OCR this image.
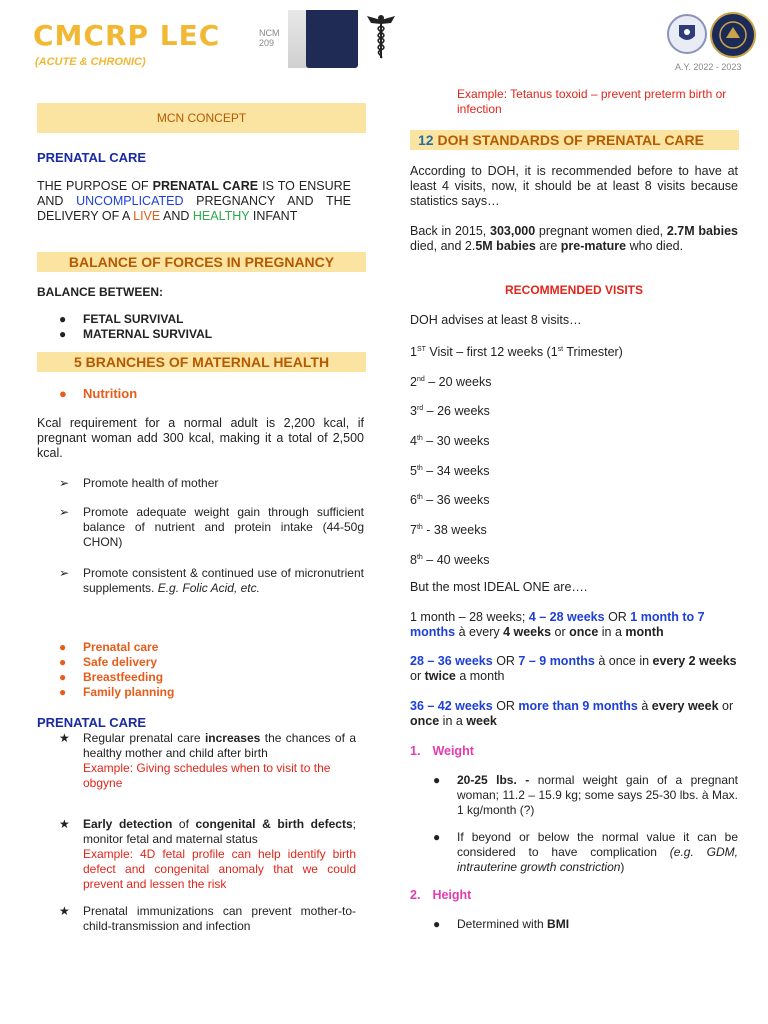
CMCRP LEC
(ACUTE & CHRONIC)
NCM 209
A.Y. 2022 - 2023
MCN CONCEPT
PRENATAL CARE
THE PURPOSE OF PRENATAL CARE IS TO ENSURE AND UNCOMPLICATED PREGNANCY AND THE DELIVERY OF A LIVE AND HEALTHY INFANT
BALANCE OF FORCES IN PREGNANCY
BALANCE BETWEEN:
● FETAL SURVIVAL
● MATERNAL SURVIVAL
5 BRANCHES OF MATERNAL HEALTH
● Nutrition
Kcal requirement for a normal adult is 2,200 kcal, if pregnant woman add 300 kcal, making it a total of 2,500 kcal.
➢ Promote health of mother
➢ Promote adequate weight gain through sufficient balance of nutrient and protein intake (44-50g CHON)
➢ Promote consistent & continued use of micronutrient supplements. E.g. Folic Acid, etc.
● Prenatal care
● Safe delivery
● Breastfeeding
● Family planning
PRENATAL CARE
★ Regular prenatal care increases the chances of a healthy mother and child after birth
Example: Giving schedules when to visit to the obgyne
★ Early detection of congenital & birth defects; monitor fetal and maternal status
Example: 4D fetal profile can help identify birth defect and congenital anomaly that we could prevent and lessen the risk
★ Prenatal immunizations can prevent mother-to-child-transmission and infection
Example: Tetanus toxoid – prevent preterm birth or infection
12 DOH STANDARDS OF PRENATAL CARE
According to DOH, it is recommended before to have at least 4 visits, now, it should be at least 8 visits because statistics says…
Back in 2015, 303,000 pregnant women died, 2.7M babies died, and 2.5M babies are pre-mature who died.
RECOMMENDED VISITS
DOH advises at least 8 visits…
1ST Visit – first 12 weeks (1st Trimester)
2nd – 20 weeks
3rd – 26 weeks
4th – 30 weeks
5th – 34 weeks
6th – 36 weeks
7th - 38 weeks
8th – 40 weeks
But the most IDEAL ONE are….
1 month – 28 weeks; 4 – 28 weeks OR 1 month to 7 months à every 4 weeks or once in a month
28 – 36 weeks OR 7 – 9 months à once in every 2 weeks or twice a month
36 – 42 weeks OR more than 9 months à every week or once in a week
1. Weight
● 20-25 lbs. - normal weight gain of a pregnant woman; 11.2 – 15.9 kg; some says 25-30 lbs. à Max. 1 kg/month (?)
● If beyond or below the normal value it can be considered to have complication (e.g. GDM, intrauterine growth constriction)
2. Height
● Determined with BMI
